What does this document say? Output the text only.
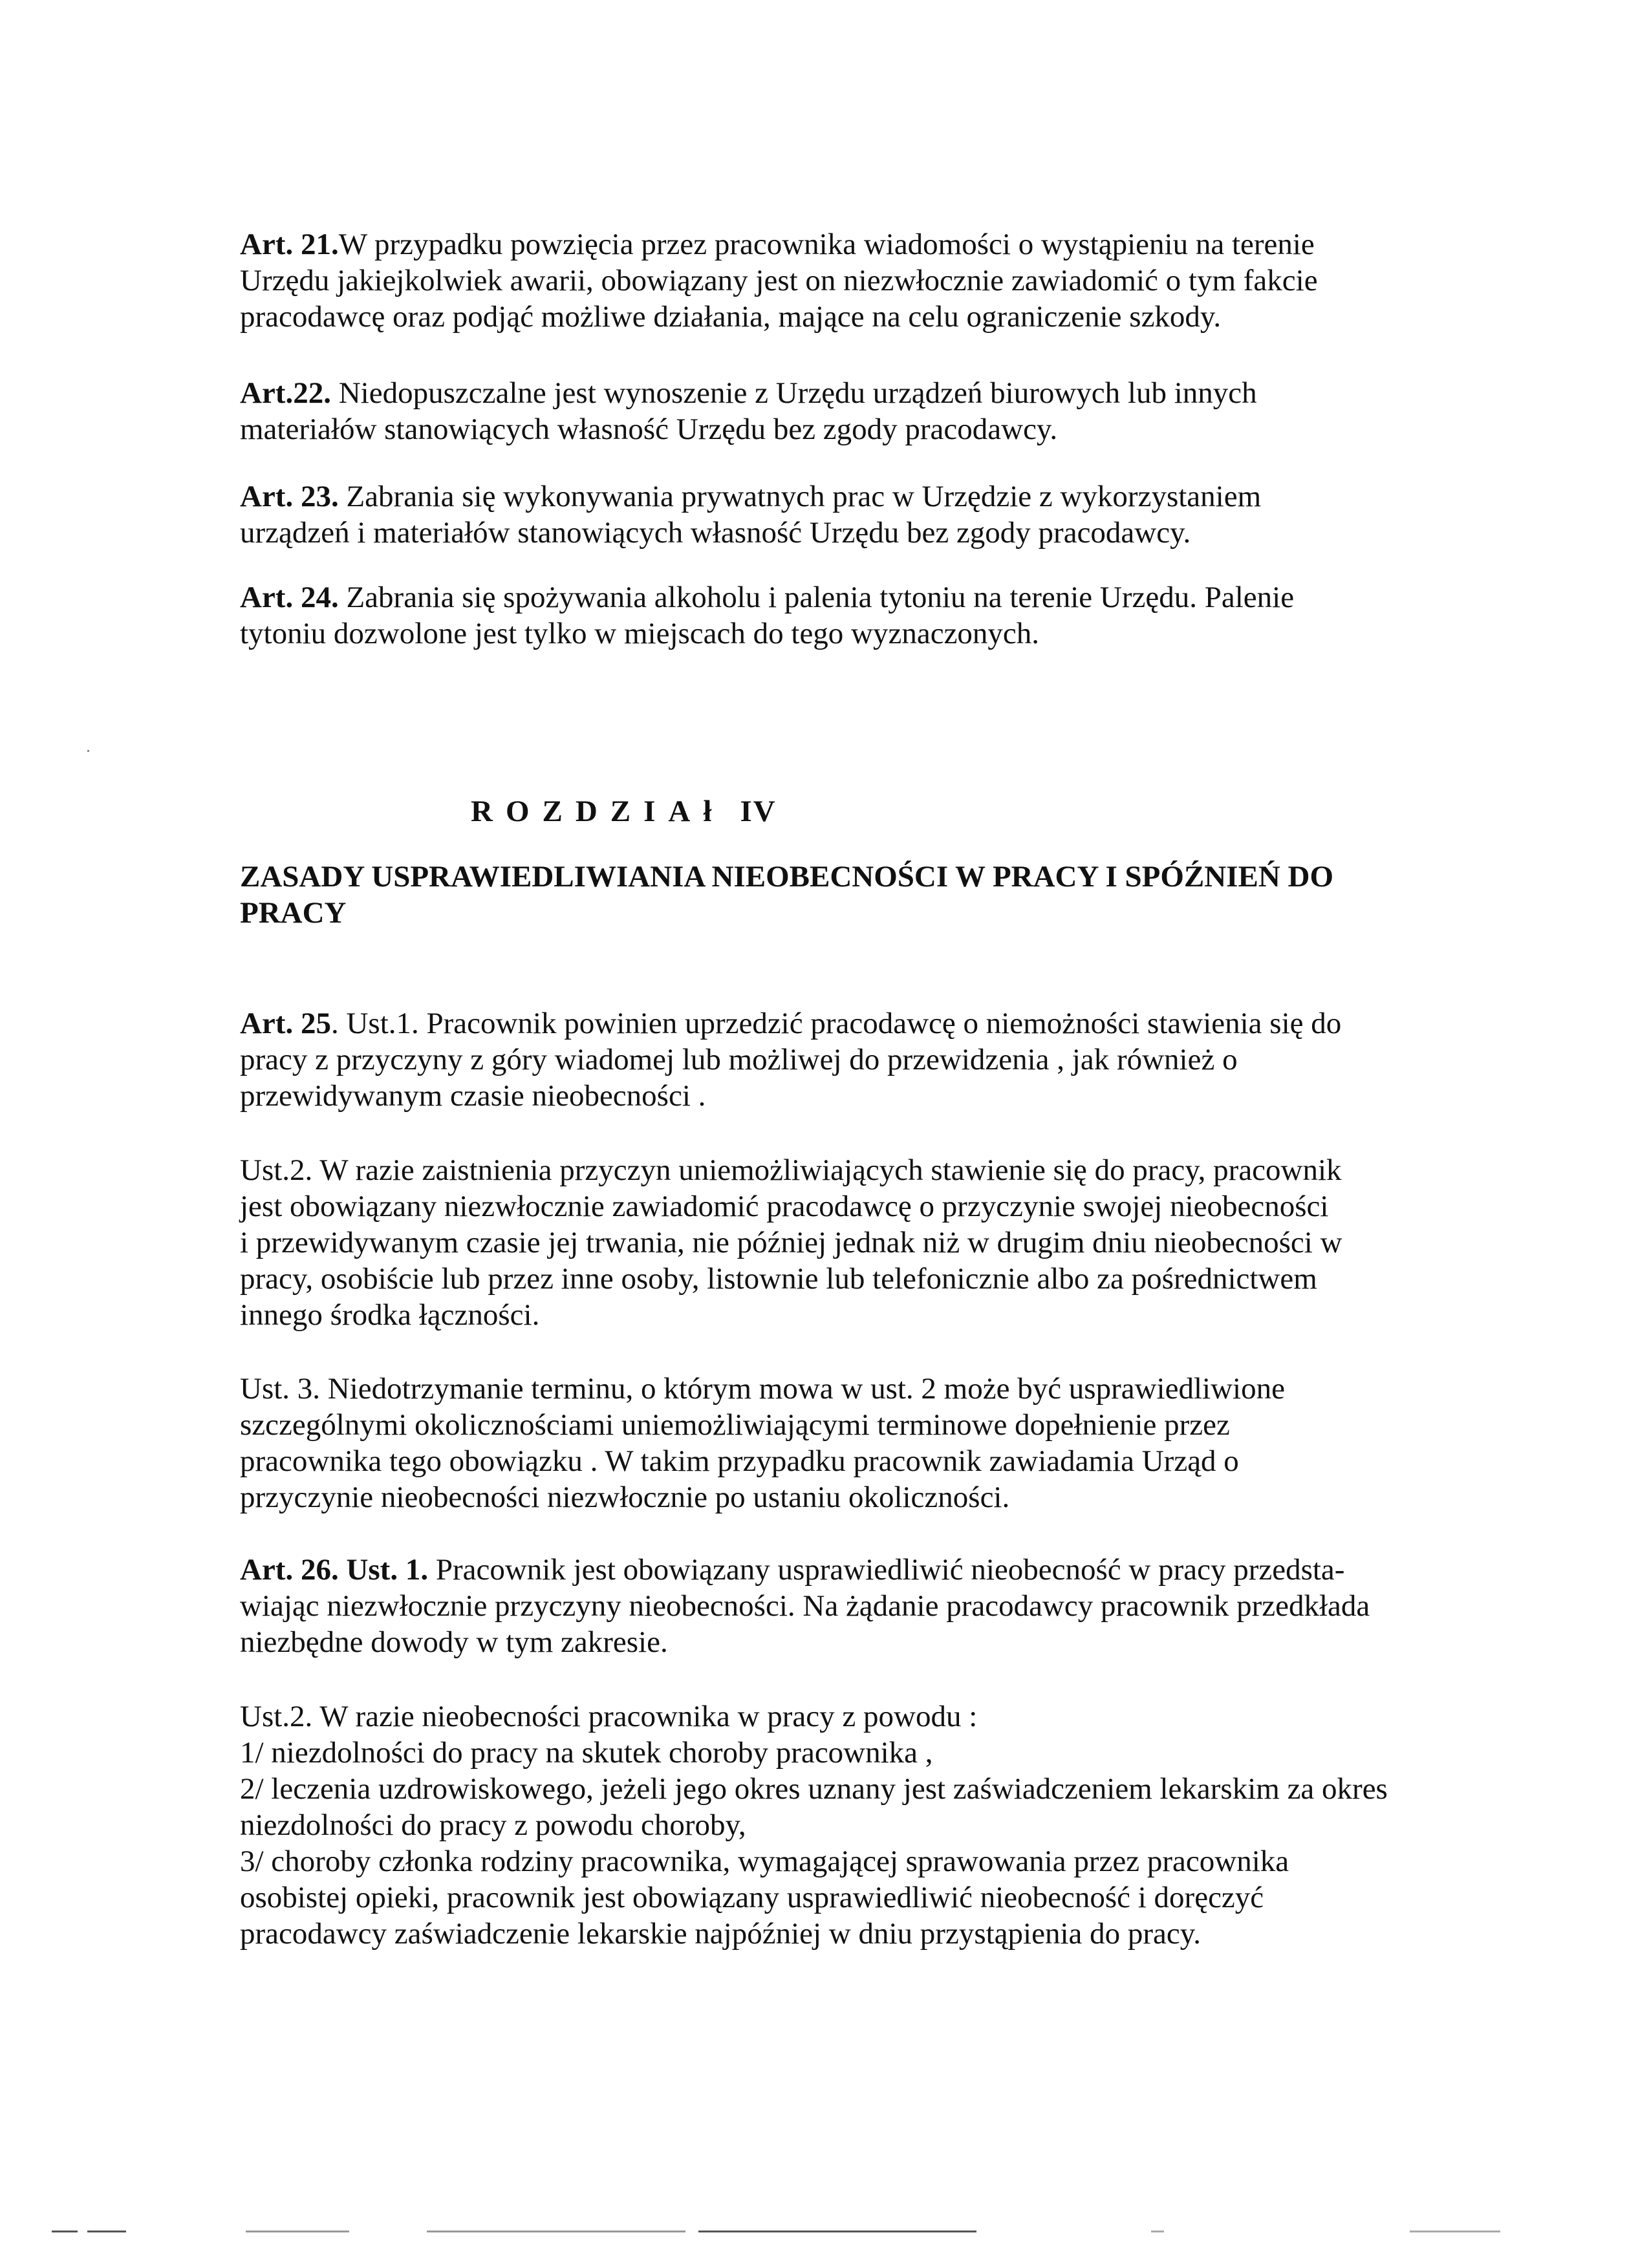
Art. 21.W przypadku powzięcia przez pracownika wiadomości o wystąpieniu na terenie
Urzędu jakiejkolwiek awarii, obowiązany jest on niezwłocznie zawiadomić o tym fakcie
pracodawcę oraz podjąć możliwe działania, mające na celu ograniczenie szkody.
Art.22. Niedopuszczalne jest wynoszenie z Urzędu urządzeń biurowych lub innych
materiałów stanowiących własność Urzędu bez zgody pracodawcy.
Art. 23. Zabrania się wykonywania prywatnych prac w Urzędzie z wykorzystaniem
urządzeń i materiałów stanowiących własność Urzędu bez zgody pracodawcy.
Art. 24. Zabrania się spożywania alkoholu i palenia tytoniu na terenie Urzędu. Palenie
tytoniu dozwolone jest tylko w miejscach do tego wyznaczonych.
ROZDZIAł IV
ZASADY USPRAWIEDLIWIANIA NIEOBECNOŚCI W PRACY I SPÓŹNIEŃ DO
PRACY
Art. 25. Ust.1. Pracownik powinien uprzedzić pracodawcę o niemożności stawienia się do
pracy z przyczyny z góry wiadomej lub możliwej do przewidzenia , jak również o
przewidywanym czasie nieobecności .
Ust.2. W razie zaistnienia przyczyn uniemożliwiających stawienie się do pracy, pracownik
jest obowiązany niezwłocznie zawiadomić pracodawcę o przyczynie swojej nieobecności
i przewidywanym czasie jej trwania, nie później jednak niż w drugim dniu nieobecności w
pracy, osobiście lub przez inne osoby, listownie lub telefonicznie albo za pośrednictwem
innego środka łączności.
Ust. 3. Niedotrzymanie terminu, o którym mowa w ust. 2 może być usprawiedliwione
szczególnymi okolicznościami uniemożliwiającymi terminowe dopełnienie przez
pracownika tego obowiązku . W takim przypadku pracownik zawiadamia Urząd o
przyczynie nieobecności niezwłocznie po ustaniu okoliczności.
Art. 26. Ust. 1. Pracownik jest obowiązany usprawiedliwić nieobecność w pracy przedsta-
wiając niezwłocznie przyczyny nieobecności. Na żądanie pracodawcy pracownik przedkłada
niezbędne dowody w tym zakresie.
Ust.2. W razie nieobecności pracownika w pracy z powodu :
1/ niezdolności do pracy na skutek choroby pracownika ,
2/ leczenia uzdrowiskowego, jeżeli jego okres uznany jest zaświadczeniem lekarskim za okres
niezdolności do pracy z powodu choroby,
3/ choroby członka rodziny pracownika, wymagającej sprawowania przez pracownika
osobistej opieki, pracownik jest obowiązany usprawiedliwić nieobecność i doręczyć
pracodawcy zaświadczenie lekarskie najpóźniej w dniu przystąpienia do pracy.
